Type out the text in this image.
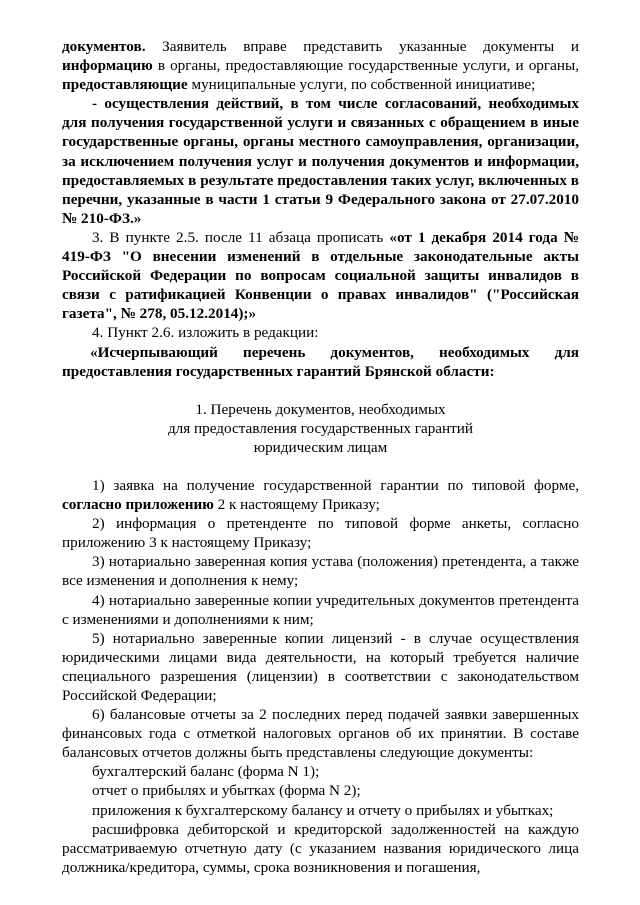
документов. Заявитель вправе представить указанные документы и информацию в органы, предоставляющие государственные услуги, и органы, предоставляющие муниципальные услуги, по собственной инициативе;

- осуществления действий, в том числе согласований, необходимых для получения государственной услуги и связанных с обращением в иные государственные органы, органы местного самоуправления, организации, за исключением получения услуг и получения документов и информации, предоставляемых в результате предоставления таких услуг, включенных в перечни, указанные в части 1 статьи 9 Федерального закона от 27.07.2010 № 210-ФЗ.»

3. В пункте 2.5. после 11 абзаца прописать «от 1 декабря 2014 года № 419-ФЗ "О внесении изменений в отдельные законодательные акты Российской Федерации по вопросам социальной защиты инвалидов в связи с ратификацией Конвенции о правах инвалидов" ("Российская газета", № 278, 05.12.2014);»

4. Пункт 2.6. изложить в редакции:

«Исчерпывающий перечень документов, необходимых для предоставления государственных гарантий Брянской области:

1. Перечень документов, необходимых

для предоставления государственных гарантий

юридическим лицам

1) заявка на получение государственной гарантии по типовой форме, согласно приложению 2 к настоящему Приказу;

2) информация о претенденте по типовой форме анкеты, согласно приложению 3 к настоящему Приказу;

3) нотариально заверенная копия устава (положения) претендента, а также все изменения и дополнения к нему;

4) нотариально заверенные копии учредительных документов претендента с изменениями и дополнениями к ним;

5) нотариально заверенные копии лицензий - в случае осуществления юридическими лицами вида деятельности, на который требуется наличие специального разрешения (лицензии) в соответствии с законодательством Российской Федерации;

6) балансовые отчеты за 2 последних перед подачей заявки завершенных финансовых года с отметкой налоговых органов об их принятии. В составе балансовых отчетов должны быть представлены следующие документы:

бухгалтерский баланс (форма N 1);

отчет о прибылях и убытках (форма N 2);

приложения к бухгалтерскому балансу и отчету о прибылях и убытках;

расшифровка дебиторской и кредиторской задолженностей на каждую рассматриваемую отчетную дату (с указанием названия юридического лица должника/кредитора, суммы, срока возникновения и погашения,
